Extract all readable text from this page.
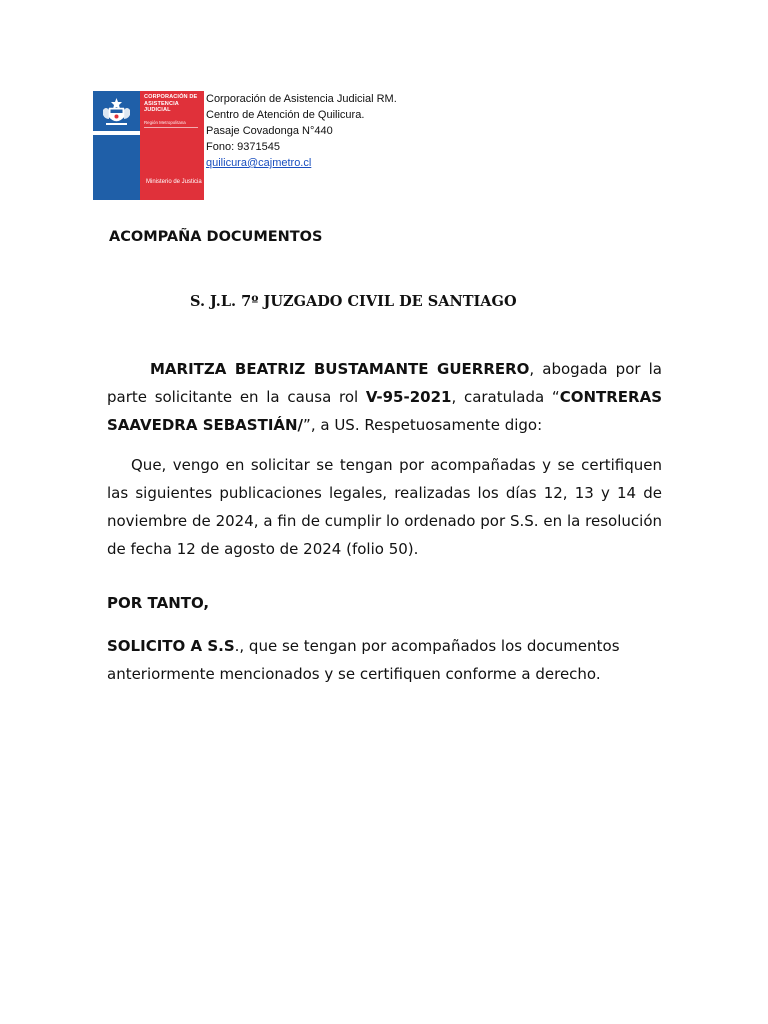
CORPORACIÓN DE ASISTENCIA JUDICIAL
Región Metropolitana
Ministerio de Justicia
Corporación de Asistencia Judicial RM.
Centro de Atención de Quilicura.
Pasaje Covadonga N°440
Fono: 9371545
quilicura@cajmetro.cl
ACOMPAÑA DOCUMENTOS
S. J.L. 7º JUZGADO CIVIL DE SANTIAGO
MARITZA BEATRIZ BUSTAMANTE GUERRERO, abogada por la parte solicitante en la causa rol V-95-2021, caratulada “CONTRERAS SAAVEDRA SEBASTIÁN/”, a US. Respetuosamente digo:
Que, vengo en solicitar se tengan por acompañadas y se certifiquen las siguientes publicaciones legales, realizadas los días 12, 13 y 14 de noviembre de 2024, a fin de cumplir lo ordenado por S.S. en la resolución de fecha 12 de agosto de 2024 (folio 50).
POR TANTO,
SOLICITO A S.S., que se tengan por acompañados los documentos anteriormente mencionados y se certifiquen conforme a derecho.
